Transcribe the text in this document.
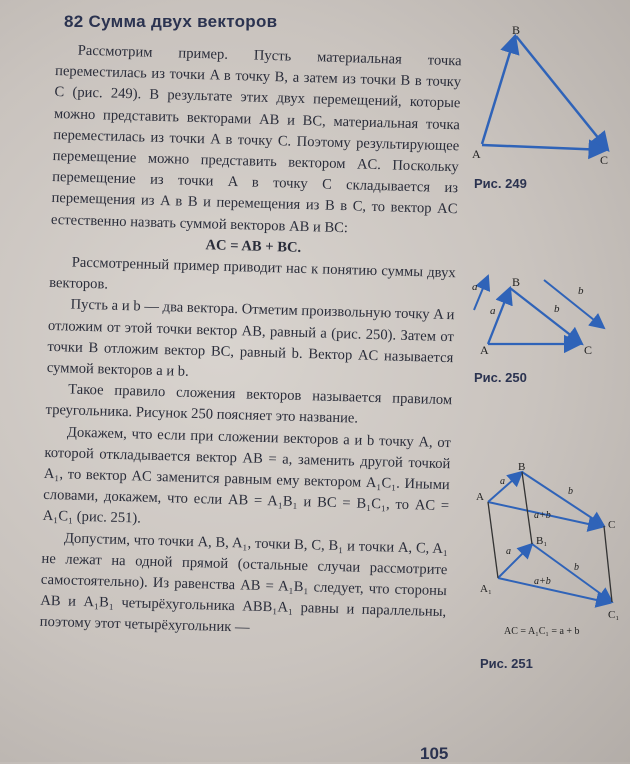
82 Сумма двух векторов

Рассмотрим пример. Пусть материальная точка переместилась из точки A в точку B, а затем из точки B в точку C (рис. 249). В результате этих двух перемещений, которые можно представить векторами AB и BC, материальная точка переместилась из точки A в точку C. Поэтому результирующее перемещение можно представить вектором AC. Поскольку перемещение из точки A в точку C складывается из перемещения из A в B и перемещения из B в C, то вектор AC естественно назвать суммой векторов AB и BC:

AC = AB + BC.

Рассмотренный пример приводит нас к понятию суммы двух векторов.

Пусть a и b — два вектора. Отметим произвольную точку A и отложим от этой точки вектор AB, равный a (рис. 250). Затем от точки B отложим вектор BC, равный b. Вектор AC называется суммой векторов a и b.

Такое правило сложения векторов называется правилом треугольника. Рисунок 250 поясняет это название.

Докажем, что если при сложении векторов a и b точку A, от которой откладывается вектор AB = a, заменить другой точкой A₁, то вектор AC заменится равным ему вектором A₁C₁. Иными словами, докажем, что если AB = A₁B₁ и BC = B₁C₁, то AC = A₁C₁ (рис. 251).

Допустим, что точки A, B, A₁, точки B, C, B₁ и точки A, C, A₁ не лежат на одной прямой (остальные случаи рассмотрите самостоятельно). Из равенства AB = A₁B₁ следует, что стороны AB и A₁B₁ четырёхугольника ABB₁A₁ равны и параллельны, поэтому этот четырёхугольник —

A
B
C
Рис. 249
A
B
C
a
a
b
b
Рис. 250
A
B
C
A₁
B₁
C₁
a
b
a+b
a
b
a+b
AC = A₁C₁ = a + b
Рис. 251
105
